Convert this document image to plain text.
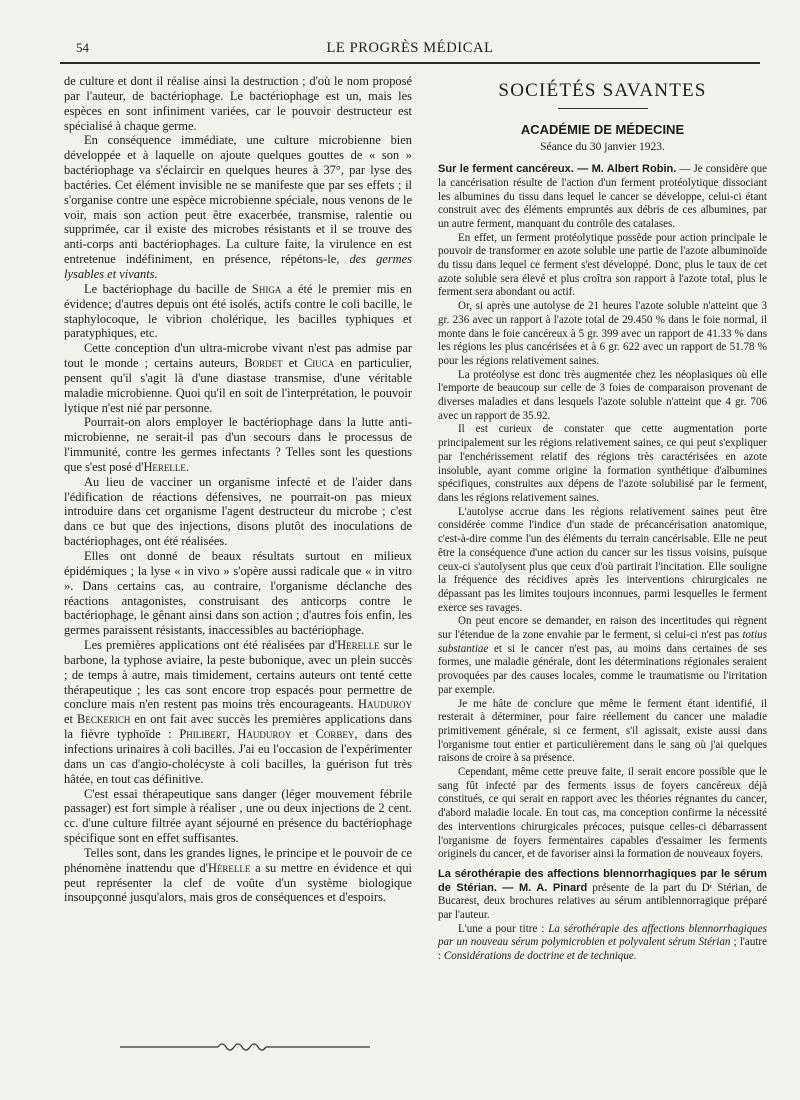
54	LE PROGRÈS MÉDICAL

de culture et dont il réalise ainsi la destruction ; d'où le nom proposé par l'auteur, de bactériophage. Le bactériophage est un, mais les espèces en sont infiniment variées, car le pouvoir destructeur est spécialisé à chaque germe.

En conséquence immédiate, une culture microbienne bien développée et à laquelle on ajoute quelques gouttes de « son » bactériophage va s'éclaircir en quelques heures à 37°, par lyse des bactéries. Cet élément invisible ne se manifeste que par ses effets ; il s'organise contre une espèce microbienne spéciale, nous venons de le voir, mais son action peut être exacerbée, transmise, ralentie ou supprimée, car il existe des microbes résistants et il se trouve des anti-corps anti bactériophages. La culture faite, la virulence en est entretenue indéfiniment, en présence, répétons-le, des germes lysables et vivants.

Le bactériophage du bacille de Shiga a été le premier mis en évidence; d'autres depuis ont été isolés, actifs contre le coli bacille, le staphylocoque, le vibrion cholérique, les bacilles typhiques et paratyphiques, etc.

Cette conception d'un ultra-microbe vivant n'est pas admise par tout le monde ; certains auteurs, Bordet et Ciuca en particulier, pensent qu'il s'agit là d'une diastase transmise, d'une véritable maladie microbienne. Quoi qu'il en soit de l'interprétation, le pouvoir lytique n'est nié par personne.

Pourrait-on alors employer le bactériophage dans la lutte anti-microbienne, ne serait-il pas d'un secours dans le processus de l'immunité, contre les germes infectants ? Telles sont les questions que s'est posé d'Herelle.

Au lieu de vacciner un organisme infecté et de l'aider dans l'édification de réactions défensives, ne pourrait-on pas mieux introduire dans cet organisme l'agent destructeur du microbe ; c'est dans ce but que des injections, disons plutôt des inoculations de bactériophages, ont été réalisées.

Elles ont donné de beaux résultats surtout en milieux épidémiques ; la lyse « in vivo » s'opère aussi radicale que « in vitro ». Dans certains cas, au contraire, l'organisme déclanche des réactions antagonistes, construisant des anticorps contre le bactériophage, le gênant ainsi dans son action ; d'autres fois enfin, les germes paraissent résistants, inaccessibles au bactériophage.

Les premières applications ont été réalisées par d'Herelle sur le barbone, la typhose aviaire, la peste bubonique, avec un plein succès ; de temps à autre, mais timidement, certains auteurs ont tenté cette thérapeutique ; les cas sont encore trop espacés pour permettre de conclure mais n'en restent pas moins très encourageants. Hauduroy et Beckerich en ont fait avec succès les premières applications dans la fièvre typhoïde : Philibert, Hauduroy et Corbey, dans des infections urinaires à coli bacilles. J'ai eu l'occasion de l'expérimenter dans un cas d'angio-cholécyste à coli bacilles, la guérison fut très hâtée, en tout cas définitive.

C'est essai thérapeutique sans danger (léger mouvement fébrile passager) est fort simple à réaliser , une ou deux injections de 2 cent. cc. d'une culture filtrée ayant séjourné en présence du bactériophage spécifique sont en effet suffisantes.

Telles sont, dans les grandes lignes, le principe et le pouvoir de ce phénomène inattendu que d'Hérelle a su mettre en évidence et qui peut représenter la clef de voûte d'un système biologique insoupçonné jusqu'alors, mais gros de conséquences et d'espoirs.

SOCIÉTÉS SAVANTES
ACADÉMIE DE MÉDECINE
Séance du 30 janvier 1923.

Sur le ferment cancéreux. — M. Albert Robin. — Je considère que la cancérisation résulte de l'action d'un ferment protéolytique dissociant les albumines du tissu dans lequel le cancer se développe, celui-ci étant construit avec des éléments empruntés aux débris de ces albumines, par un autre ferment, manquant du contrôle des catalases.

En effet, un ferment protéolytique possède pour action principale le pouvoir de transformer en azote soluble une partie de l'azote albuminoïde du tissu dans lequel ce ferment s'est développé. Donc, plus le taux de cet azote soluble sera élevé et plus croîtra son rapport à l'azote total, plus le ferment sera abondant ou actif.

Or, si après une autolyse de 21 heures l'azote soluble n'atteint que 3 gr. 236 avec un rapport à l'azote total de 29.450 % dans le foie normal, il monte dans le foie cancéreux à 5 gr. 399 avec un rapport de 41.33 % dans les régions les plus cancérisées et à 6 gr. 622 avec un rapport de 51.78 % pour les régions relativement saines.

La protéolyse est donc très augmentée chez les néoplasiques où elle l'emporte de beaucoup sur celle de 3 foies de comparaison provenant de diverses maladies et dans lesquels l'azote soluble n'atteint que 4 gr. 706 avec un rapport de 35.92.

Il est curieux de constater que cette augmentation porte principalement sur les régions relativement saines, ce qui peut s'expliquer par l'enchérissement relatif des régions très caractérisées en azote insoluble, ayant comme origine la formation synthétique d'albumines spécifiques, construites aux dépens de l'azote solubilisé par le ferment, dans les régions relativement saines.

L'autolyse accrue dans les régions relativement saines peut être considérée comme l'indice d'un stade de précancérisation anatomique, c'est-à-dire comme l'un des éléments du terrain cancérisable. Elle ne peut être la conséquence d'une action du cancer sur les tissus voisins, puisque ceux-ci s'autolysent plus que ceux d'où partirait l'incitation. Elle souligne la fréquence des récidives après les interventions chirurgicales ne dépassant pas les limites toujours inconnues, parmi lesquelles le ferment exerce ses ravages.

On peut encore se demander, en raison des incertitudes qui règnent sur l'étendue de la zone envahie par le ferment, si celui-ci n'est pas totius substantiae et si le cancer n'est pas, au moins dans certaines de ses formes, une maladie générale, dont les déterminations régionales seraient provoquées par des causes locales, comme le traumatisme ou l'irritation par exemple.

Je me hâte de conclure que même le ferment étant identifié, il resterait à déterminer, pour faire réellement du cancer une maladie primitivement générale, si ce ferment, s'il agissait, existe aussi dans l'organisme tout entier et particulièrement dans le sang où j'ai quelques raisons de croire à sa présence.

Cependant, même cette preuve faite, il serait encore possible que le sang fût infecté par des ferments issus de foyers cancéreux déjà constitués, ce qui serait en rapport avec les théories régnantes du cancer, d'abord maladie locale. En tout cas, ma conception confirme la nécessité des interventions chirurgicales précoces, puisque celles-ci débarrassent l'organisme de foyers fermentaires capables d'essaimer les ferments originels du cancer, et de favoriser ainsi la formation de nouveaux foyers.

La sérothérapie des affections blennorrhagiques par le sérum de Stérian. — M. A. Pinard présente de la part du Dʳ Stérian, de Bucarest, deux brochures relatives au sérum antiblennorragique préparé par l'auteur.

L'une a pour titre : La sérothérapie des affections blennorrhagiques par un nouveau sérum polymicrobien et polyvalent sérum Stérian ; l'autre : Considérations de doctrine et de technique.
